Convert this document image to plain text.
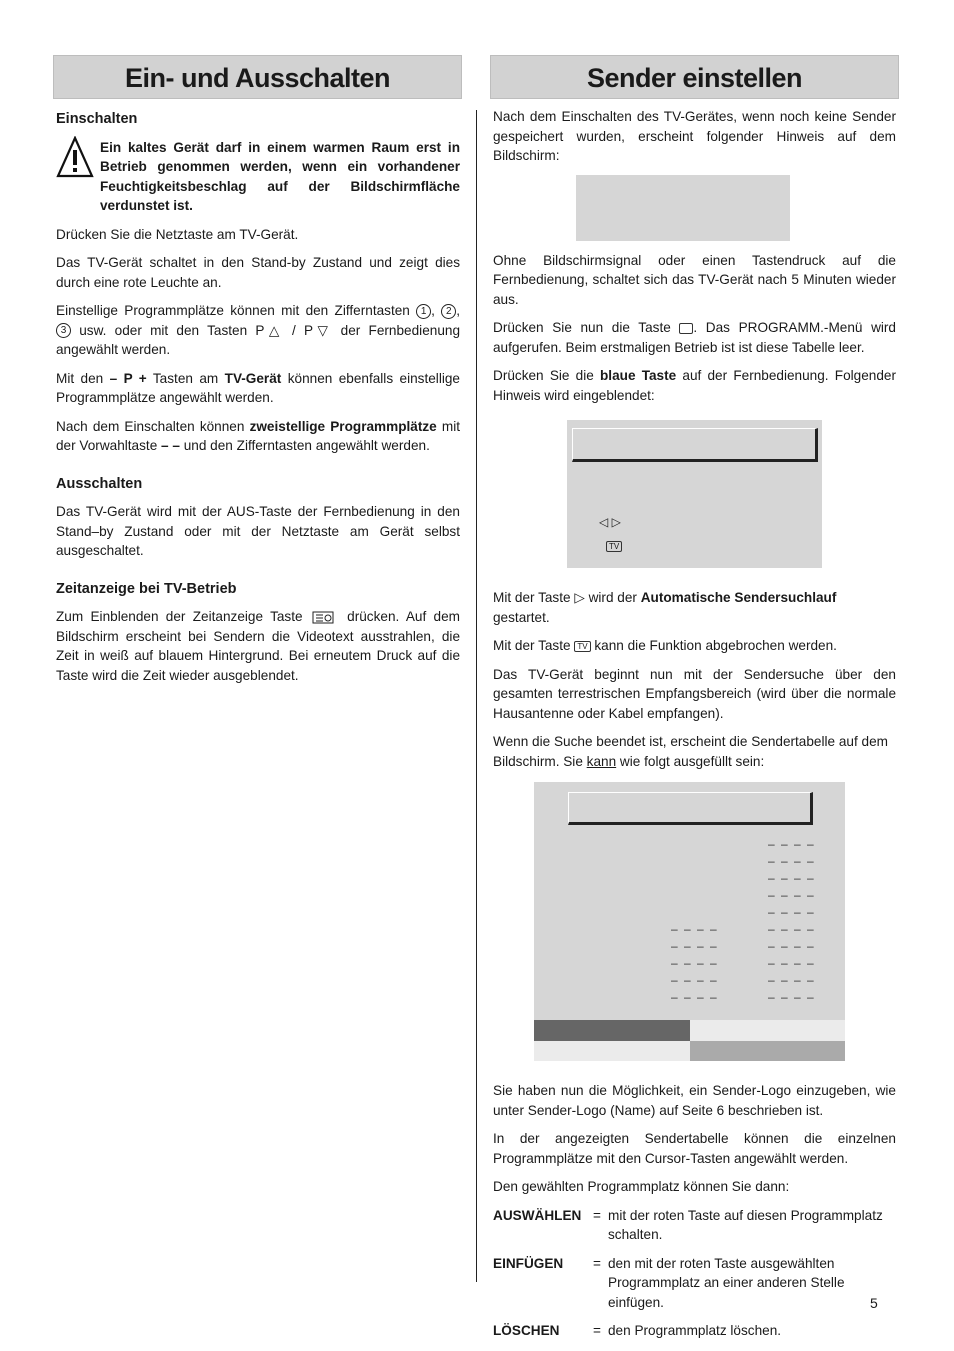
Ein- und Ausschalten	Sender einstellen
Einschalten
Ein kaltes Gerät darf in einem warmen Raum erst in Betrieb genommen werden, wenn ein vorhandener Feuchtigkeitsbeschlag auf der Bildschirmfläche verdunstet ist.

Drücken Sie die Netztaste am TV-Gerät.

Das TV-Gerät schaltet in den Stand-by Zustand und zeigt dies durch eine rote Leuchte an.

Einstellige Programmplätze können mit den Zifferntasten 1 , 2 , 3 usw. oder mit den Tasten P△ / P▽ der Fernbedienung angewählt werden.

Mit den – P + Tasten am TV-Gerät können ebenfalls einstellige Programmplätze angewählt werden.

Nach dem Einschalten können zweistellige Programmplätze mit der Vorwahltaste – – und den Zifferntasten angewählt werden.

Ausschalten

Das TV-Gerät wird mit der AUS-Taste der Fernbedienung in den Stand–by Zustand oder mit der Netztaste am Gerät selbst ausgeschaltet.

Zeitanzeige bei TV-Betrieb

Zum Einblenden der Zeitanzeige Taste  drücken. Auf dem Bildschirm erscheint bei Sendern die Videotext ausstrahlen, die Zeit in weiß auf blauem Hintergrund. Bei erneutem Druck auf die Taste wird die Zeit wieder ausgeblendet.

Nach dem Einschalten des TV-Gerätes, wenn noch keine Sender gespeichert wurden, erscheint folgender Hinweis auf dem Bildschirm:

Ohne Bildschirmsignal oder einen Tastendruck auf die Fernbedienung, schaltet sich das TV-Gerät nach 5 Minuten wieder aus.

Drücken Sie nun die Taste . Das PROGRAMM.-Menü wird aufgerufen. Beim erstmaligen Betrieb ist ist diese Tabelle leer.

Drücken Sie die blaue Taste auf der Fernbedienung. Folgender Hinweis wird eingeblendet:

◁ ▷
TV

Mit der Taste ▷ wird der Automatische Sendersuchlauf gestartet.

Mit der Taste TV kann die Funktion abgebrochen werden.

Das TV-Gerät beginnt nun mit der Sendersuche über den gesamten terrestrischen Empfangsbereich (wird über die normale Hausantenne oder Kabel empfangen).

Wenn die Suche beendet ist, erscheint die Sendertabelle auf dem Bildschirm. Sie kann wie folgt ausgefüllt sein:

– – – –
– – – –
– – – –
– – – –
– – – –
– – – –
– – – –
– – – –
– – – –
– – – –
– – – –
– – – –
– – – –
– – – –
– – – –

Sie haben nun die Möglichkeit, ein Sender-Logo einzugeben, wie unter Sender-Logo (Name) auf Seite 6 beschrieben ist.

In der angezeigten Sendertabelle können die einzelnen Programmplätze mit den Cursor-Tasten angewählt werden.

Den gewählten Programmplatz können Sie dann:

AUSWÄHLEN = mit der roten Taste auf diesen Programmplatz schalten.
EINFÜGEN	= den mit der roten Taste ausgewählten Programmplatz an einer anderen Stelle einfügen.
LÖSCHEN	= den Programmplatz löschen.
5
